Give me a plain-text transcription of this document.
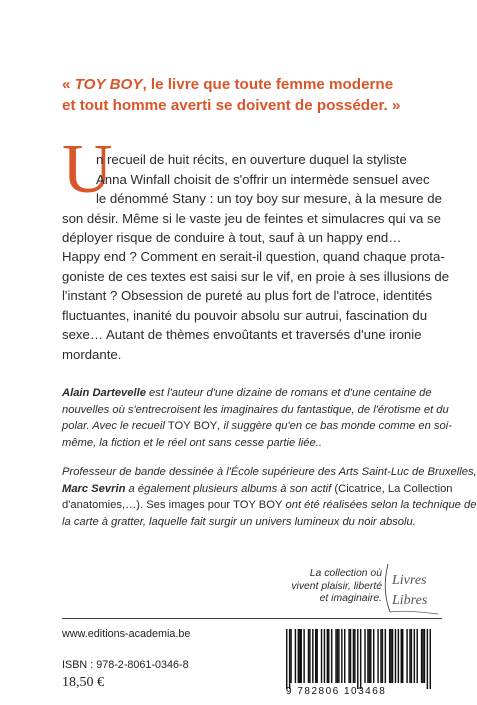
« TOY BOY, le livre que toute femme moderne
et tout homme averti se doivent de posséder. »
U
n recueil de huit récits, en ouverture duquel la styliste
Anna Winfall choisit de s'offrir un intermède sensuel avec
le dénommé Stany : un toy boy sur mesure, à la mesure de
son désir. Même si le vaste jeu de feintes et simulacres qui va se
déployer risque de conduire à tout, sauf à un happy end…
Happy end ? Comment en serait-il question, quand chaque prota-
goniste de ces textes est saisi sur le vif, en proie à ses illusions de
l'instant ? Obsession de pureté au plus fort de l'atroce, identités
fluctuantes, inanité du pouvoir absolu sur autrui, fascination du
sexe… Autant de thèmes envoûtants et traversés d'une ironie
mordante.
Alain Dartevelle est l'auteur d'une dizaine de romans et d'une centaine de
nouvelles où s'entrecroisent les imaginaires du fantastique, de l'érotisme et du
polar. Avec le recueil TOY BOY, il suggère qu'en ce bas monde comme en soi-
même, la fiction et le réel ont sans cesse partie liée..
Professeur de bande dessinée à l'École supérieure des Arts Saint-Luc de Bruxelles,
Marc Sevrin a également plusieurs albums à son actif (Cicatrice, La Collection
d'anatomies,…). Ses images pour TOY BOY ont été réalisées selon la technique de
la carte à gratter, laquelle fait surgir un univers lumineux du noir absolu.
La collection où
vivent plaisir, liberté
et imaginaire.
Livres
Libres
www.editions-academia.be
ISBN : 978-2-8061-0346-8
18,50 €
9 782806 103468
